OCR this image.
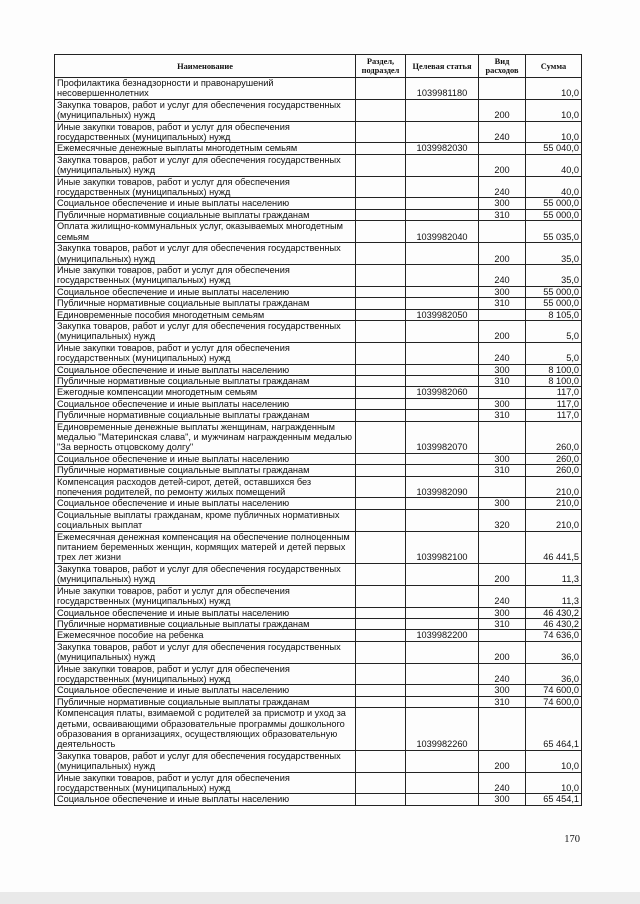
Наименование	Раздел, подраздел	Целевая статья	Вид расходов	Сумма
Профилактика безнадзорности и правонарушений несовершеннолетних		1039981180		10,0
Закупка товаров, работ и услуг для обеспечения государственных (муниципальных) нужд			200	10,0
Иные закупки товаров, работ и услуг для обеспечения государственных (муниципальных) нужд			240	10,0
Ежемесячные денежные выплаты многодетным семьям		1039982030		55 040,0
Закупка товаров, работ и услуг для обеспечения государственных (муниципальных) нужд			200	40,0
Иные закупки товаров, работ и услуг для обеспечения государственных (муниципальных) нужд			240	40,0
Социальное обеспечение и иные выплаты населению			300	55 000,0
Публичные нормативные социальные выплаты гражданам			310	55 000,0
Оплата жилищно-коммунальных услуг, оказываемых многодетным семьям		1039982040		55 035,0
Закупка товаров, работ и услуг для обеспечения государственных (муниципальных) нужд			200	35,0
Иные закупки товаров, работ и услуг для обеспечения государственных (муниципальных) нужд			240	35,0
Социальное обеспечение и иные выплаты населению			300	55 000,0
Публичные нормативные социальные выплаты гражданам			310	55 000,0
Единовременные пособия многодетным семьям		1039982050		8 105,0
Закупка товаров, работ и услуг для обеспечения государственных (муниципальных) нужд			200	5,0
Иные закупки товаров, работ и услуг для обеспечения государственных (муниципальных) нужд			240	5,0
Социальное обеспечение и иные выплаты населению			300	8 100,0
Публичные нормативные социальные выплаты гражданам			310	8 100,0
Ежегодные компенсации многодетным семьям		1039982060		117,0
Социальное обеспечение и иные выплаты населению			300	117,0
Публичные нормативные социальные выплаты гражданам			310	117,0
Единовременные денежные выплаты женщинам, награжденным медалью "Материнская слава", и мужчинам награжденным медалью "За верность отцовскому долгу"		1039982070		260,0
Социальное обеспечение и иные выплаты населению			300	260,0
Публичные нормативные социальные выплаты гражданам			310	260,0
Компенсация расходов детей-сирот, детей, оставшихся без попечения родителей, по ремонту жилых помещений		1039982090		210,0
Социальное обеспечение и иные выплаты населению			300	210,0
Социальные выплаты гражданам, кроме публичных нормативных социальных выплат			320	210,0
Ежемесячная денежная компенсация на обеспечение полноценным питанием беременных женщин, кормящих матерей и детей первых трех лет жизни		1039982100		46 441,5
Закупка товаров, работ и услуг для обеспечения государственных (муниципальных) нужд			200	11,3
Иные закупки товаров, работ и услуг для обеспечения государственных (муниципальных) нужд			240	11,3
Социальное обеспечение и иные выплаты населению			300	46 430,2
Публичные нормативные социальные выплаты гражданам			310	46 430,2
Ежемесячное пособие на ребенка		1039982200		74 636,0
Закупка товаров, работ и услуг для обеспечения государственных (муниципальных) нужд			200	36,0
Иные закупки товаров, работ и услуг для обеспечения государственных (муниципальных) нужд			240	36,0
Социальное обеспечение и иные выплаты населению			300	74 600,0
Публичные нормативные социальные выплаты гражданам			310	74 600,0
Компенсация платы, взимаемой с родителей за присмотр и уход за детьми, осваивающими образовательные программы дошкольного образования в организациях, осуществляющих образовательную деятельность		1039982260		65 464,1
Закупка товаров, работ и услуг для обеспечения государственных (муниципальных) нужд			200	10,0
Иные закупки товаров, работ и услуг для обеспечения государственных (муниципальных) нужд			240	10,0
Социальное обеспечение и иные выплаты населению			300	65 454,1
170
